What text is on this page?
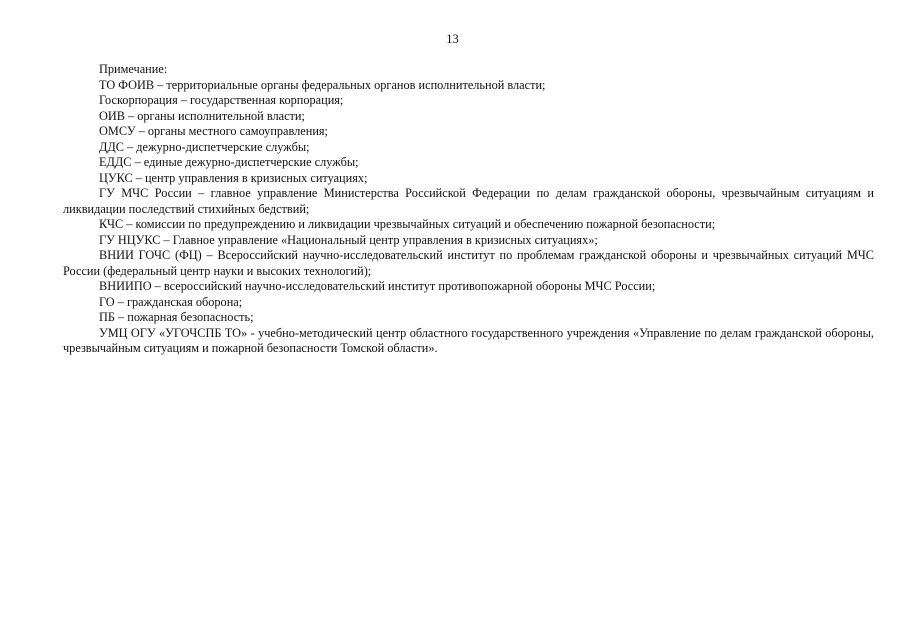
13

Примечание:

ТО ФОИВ – территориальные органы федеральных органов исполнительной власти;

Госкорпорация – государственная корпорация;

ОИВ – органы исполнительной власти;

ОМСУ – органы местного самоуправления;

ДДС – дежурно-диспетчерские службы;

ЕДДС – единые дежурно-диспетчерские службы;

ЦУКС – центр управления в кризисных ситуациях;

ГУ МЧС России – главное управление Министерства Российской Федерации по делам гражданской обороны, чрезвычайным ситуациям и ликвидации последствий стихийных бедствий;

КЧС – комиссии по предупреждению и ликвидации чрезвычайных ситуаций и обеспечению пожарной безопасности;

ГУ НЦУКС – Главное управление «Национальный центр управления в кризисных ситуациях»;

ВНИИ ГОЧС (ФЦ) – Всероссийский научно-исследовательский институт по проблемам гражданской обороны и чрезвычайных ситуаций МЧС России (федеральный центр науки и высоких технологий);

ВНИИПО – всероссийский научно-исследовательский институт противопожарной обороны МЧС России;

ГО – гражданская оборона;

ПБ – пожарная безопасность;

УМЦ ОГУ «УГОЧСПБ ТО» - учебно-методический центр областного государственного учреждения «Управление по делам гражданской обороны, чрезвычайным ситуациям и пожарной безопасности Томской области».
